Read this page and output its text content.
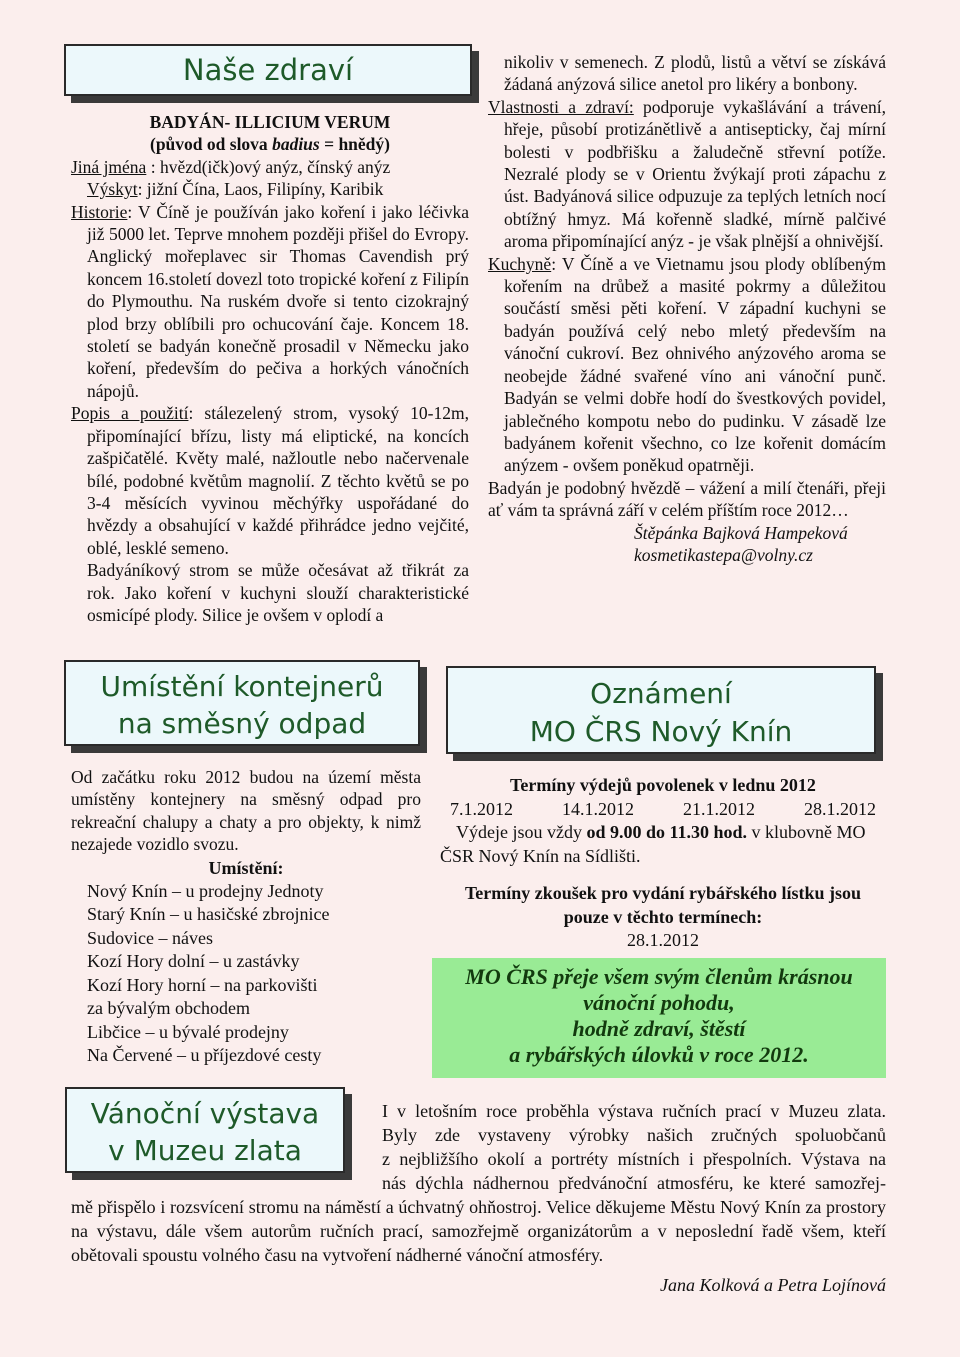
Naše zdraví

BADYÁN- ILLICIUM VERUM

(původ od slova badius = hnědý)

Jiná jména : hvězd(ičk)ový anýz, čínský anýz

Výskyt: jižní Čína, Laos, Filipíny, Karibik

Historie: V Číně je používán jako koření i jako léčivka již 5000 let. Teprve mnohem později přišel do Evropy. Anglický mořeplavec sir Thomas Cavendish prý koncem 16.století dovezl toto tropické koření z Filipín do Plymouthu. Na ruském dvoře si tento cizokrajný plod brzy oblíbili pro ochucování čaje. Koncem 18. století se badyán konečně prosadil v Německu jako koření, především do pečiva a horkých vánočních nápojů.

Popis a použití: stálezelený strom, vysoký 10-12m, připomínající břízu, listy má eliptické, na koncích zašpičatělé. Květy malé, nažloutle nebo načervenale bílé, podobné květům magnolií. Z těchto květů se po 3-4 měsících vyvinou měchýřky uspořádané do hvězdy a obsahující v každé přihrádce jedno vejčité, oblé, lesklé semeno.

Badyáníkový strom se může očesávat až třikrát za rok. Jako koření v kuchyni slouží charakteristické osmicípé plody. Silice je ovšem v oplodí a

nikoliv v semenech. Z plodů, listů a větví se získává žádaná anýzová silice anetol pro likéry a bonbony.

Vlastnosti a zdraví: podporuje vykašlávání a trávení, hřeje, působí protizánětlivě a antisepticky, čaj mírní bolesti v podbřišku a žaludečně střevní potíže. Nezralé plody se v Orientu žvýkají proti zápachu z úst. Badyánová silice odpuzuje za teplých letních nocí obtížný hmyz. Má kořenně sladké, mírně palčivé aroma připomínající anýz - je však plnější a ohnivější.

Kuchyně: V Číně a ve Vietnamu jsou plody oblíbeným kořením na drůbež a masité pokrmy a důležitou součástí směsi pěti koření. V západní kuchyni se badyán používá celý nebo mletý především na vánoční cukroví. Bez ohnivého anýzového aroma se neobejde žádné svařené víno ani vánoční punč. Badyán se velmi dobře hodí do švestkových povidel, jablečného kompotu nebo do pudinku. V zásadě lze badyánem kořenit všechno, co lze kořenit domácím anýzem - ovšem poněkud opatrněji.

Badyán je podobný hvězdě – vážení a milí čtenáři, přeji ať vám ta správná září v celém příštím roce 2012…

Štěpánka Bajková Hampeková

kosmetikastepa@volny.cz

Umístění kontejnerů
na směsný odpad

Od začátku roku 2012 budou na území města umístěny kontejnery na směsný odpad pro rekreační chalupy a chaty a pro objekty, k nimž nezajede vozidlo svozu.

Umístění:

Nový Knín – u prodejny Jednoty

Starý Knín – u hasičské zbrojnice

Sudovice – náves

Kozí Hory dolní – u zastávky

Kozí Hory horní – na parkovišti

za bývalým obchodem

Libčice – u bývalé prodejny

Na Červené – u příjezdové cesty

Oznámení
MO ČRS Nový Knín

Termíny výdejů povolenek v lednu 2012

7.1.2012	14.1.2012	21.1.2012	28.1.2012

Výdeje jsou vždy od 9.00 do 11.30 hod. v klubovně MO ČSR Nový Knín na Sídlišti.

Termíny zkoušek pro vydání rybářského lístku jsou pouze v těchto termínech:

28.1.2012

MO ČRS přeje všem svým členům krásnou
vánoční pohodu,
hodně zdraví, štěstí
a rybářských úlovků v roce 2012.
Vánoční výstava
v Muzeu zlata

I v letošním roce proběhla výstava ručních prací v Muzeu zlata.

Byly zde vystaveny výrobky našich zručných spoluobčanů

z nejbližšího okolí a portréty místních i přespolních. Výstava na

nás dýchla nádhernou předvánoční atmosféru, ke které samozřej-

mě přispělo i rozsvícení stromu na náměstí a úchvatný ohňostroj. Velice děkujeme Městu Nový Knín za prostory na výstavu, dále všem autorům ručních prací, samozřejmě organizátorům a v neposlední řadě všem, kteří obětovali spoustu volného času na vytvoření nádherné vánoční atmosféry.

Jana Kolková a Petra Lojínová
